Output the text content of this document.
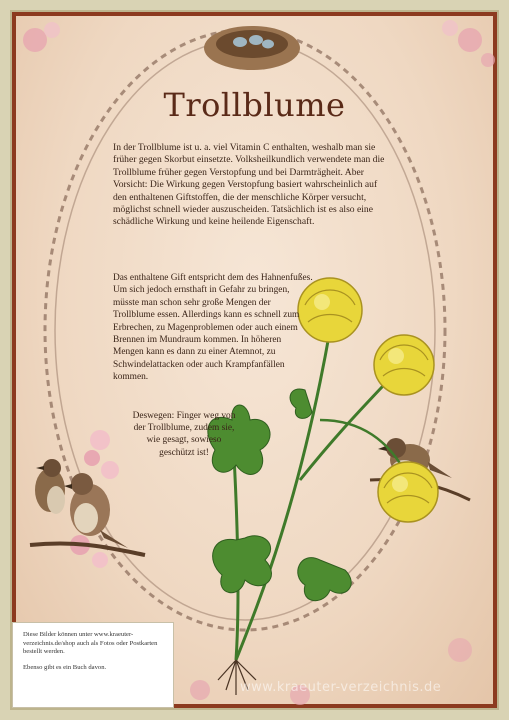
Trollblume

In der Trollblume ist u. a. viel Vitamin C enthalten, weshalb man sie früher gegen Skorbut einsetzte. Volksheilkundlich verwendete man die Trollblume früher gegen Verstopfung und bei Darmträgheit. Aber Vorsicht: Die Wirkung gegen Verstopfung basiert wahrscheinlich auf den enthaltenen Giftstoffen, die der menschliche Körper versucht, möglichst schnell wieder auszuscheiden. Tatsächlich ist es also eine schädliche Wirkung und keine heilende Eigenschaft.

Das enthaltene Gift entspricht dem des Hahnenfußes. Um sich jedoch ernsthaft in Gefahr zu bringen, müsste man schon sehr große Mengen der Trollblume essen. Allerdings kann es schnell zum Erbrechen, zu Magenproblemen oder auch einem Brennen im Mundraum kommen. In höheren Mengen kann es dann zu einer Atemnot, zu Schwindelattacken oder auch Krampfanfällen kommen.

Deswegen: Finger weg von der Trollblume, zudem sie, wie gesagt, sowieso geschützt ist!

Diese Bilder können unter www.kraeuter-verzeichnis.de/shop auch als Fotos oder Postkarten bestellt werden.

Ebenso gibt es ein Buch davon.

www.kraeuter-verzeichnis.de
